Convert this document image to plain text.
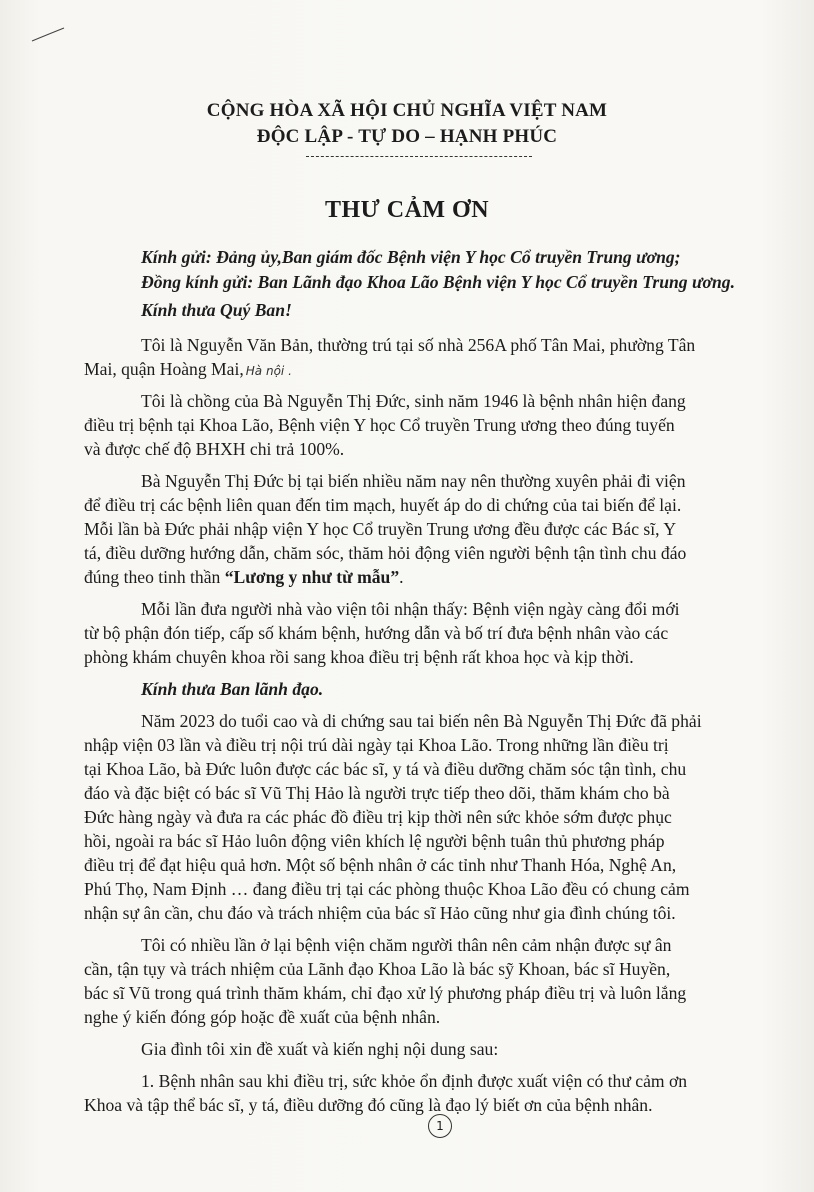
CỘNG HÒA XÃ HỘI CHỦ NGHĨA VIỆT NAM
ĐỘC LẬP - TỰ DO – HẠNH PHÚC
THƯ CẢM ƠN
Kính gửi: Đảng ủy,Ban giám đốc Bệnh viện Y học Cổ truyền Trung ương;
Đồng kính gửi: Ban Lãnh đạo Khoa Lão Bệnh viện Y học Cổ truyền Trung ương.
Kính thưa Quý Ban!
Tôi là Nguyễn Văn Bản, thường trú tại số nhà 256A phố Tân Mai, phường Tân
Mai, quận Hoàng Mai, Hà nội .
Tôi là chồng của Bà Nguyễn Thị Đức, sinh năm 1946 là bệnh nhân hiện đang
điều trị bệnh tại Khoa Lão, Bệnh viện Y học Cổ truyền Trung ương theo đúng tuyến
và được chế độ BHXH chi trả 100%.
Bà Nguyễn Thị Đức bị tại biến nhiều năm nay nên thường xuyên phải đi viện
để điều trị các bệnh liên quan đến tim mạch, huyết áp do di chứng của tai biến để lại.
Mỗi lần bà Đức phải nhập viện Y học Cổ truyền Trung ương đều được các Bác sĩ, Y
tá, điều dưỡng hướng dẫn, chăm sóc, thăm hỏi động viên người bệnh tận tình chu đáo
đúng theo tinh thần “Lương y như từ mẫu”.
Mỗi lần đưa người nhà vào viện tôi nhận thấy: Bệnh viện ngày càng đổi mới
từ bộ phận đón tiếp, cấp số khám bệnh, hướng dẫn và bố trí đưa bệnh nhân vào các
phòng khám chuyên khoa rồi sang khoa điều trị bệnh rất khoa học và kịp thời.
Kính thưa Ban lãnh đạo.
Năm 2023 do tuổi cao và di chứng sau tai biến nên Bà Nguyễn Thị Đức đã phải
nhập viện 03 lần và điều trị nội trú dài ngày tại Khoa Lão. Trong những lần điều trị
tại Khoa Lão, bà Đức luôn được các bác sĩ, y tá và điều dưỡng chăm sóc tận tình, chu
đáo và đặc biệt có bác sĩ Vũ Thị Hảo là người trực tiếp theo dõi, thăm khám cho bà
Đức hàng ngày và đưa ra các phác đồ điều trị kịp thời nên sức khỏe sớm được phục
hồi, ngoài ra bác sĩ Hảo luôn động viên khích lệ người bệnh tuân thủ phương pháp
điều trị để đạt hiệu quả hơn. Một số bệnh nhân ở các tỉnh như Thanh Hóa, Nghệ An,
Phú Thọ, Nam Định … đang điều trị tại các phòng thuộc Khoa Lão đều có chung cảm
nhận sự ân cần, chu đáo và trách nhiệm của bác sĩ Hảo cũng như gia đình chúng tôi.
Tôi có nhiều lần ở lại bệnh viện chăm người thân nên cảm nhận được sự ân
cần, tận tụy và trách nhiệm của Lãnh đạo Khoa Lão là bác sỹ Khoan, bác sĩ Huyền,
bác sĩ Vũ trong quá trình thăm khám, chỉ đạo xử lý phương pháp điều trị và luôn lắng
nghe ý kiến đóng góp hoặc đề xuất của bệnh nhân.
Gia đình tôi xin đề xuất và kiến nghị nội dung sau:
1. Bệnh nhân sau khi điều trị, sức khỏe ổn định được xuất viện có thư cảm ơn
Khoa và tập thể bác sĩ, y tá, điều dưỡng đó cũng là đạo lý biết ơn của bệnh nhân.
1
